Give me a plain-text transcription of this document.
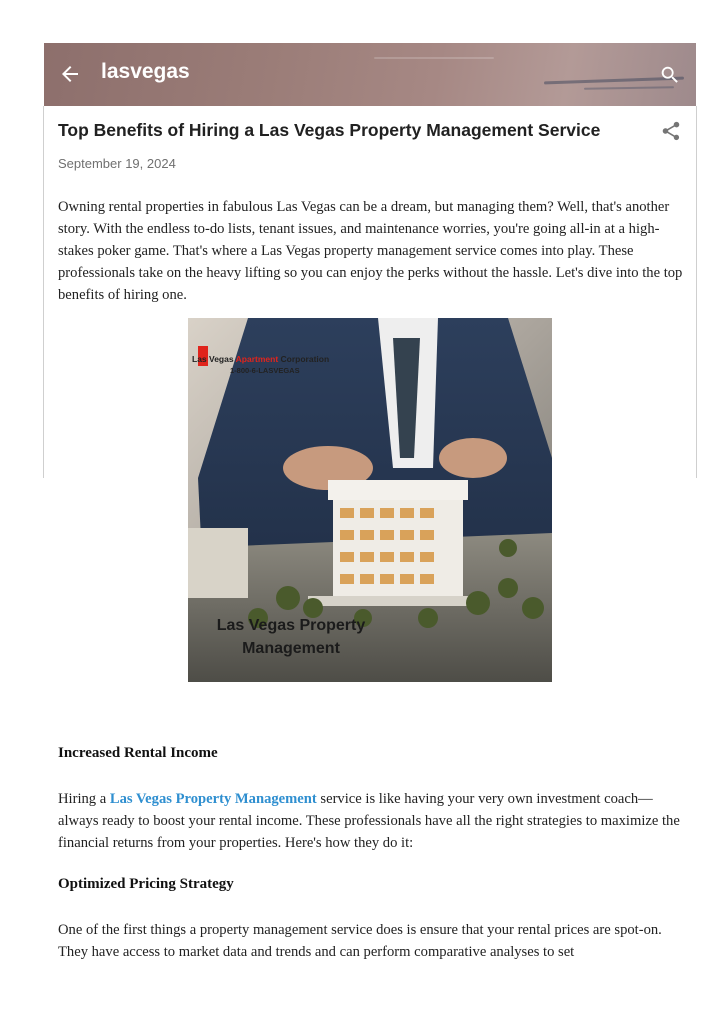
lasvegas
Top Benefits of Hiring a Las Vegas Property Management Service
September 19, 2024

Owning rental properties in fabulous Las Vegas can be a dream, but managing them? Well, that's another story. With the endless to-do lists, tenant issues, and maintenance worries, you're going all-in at a high-stakes poker game. That's where a Las Vegas property management service comes into play. These professionals take on the heavy lifting so you can enjoy the perks without the hassle. Let's dive into the top benefits of hiring one.

Las Vegas Apartment Corporation
1-800-6-LASVEGAS
Las Vegas Property
Management
Increased Rental Income

Hiring a Las Vegas Property Management service is like having your very own investment coach—always ready to boost your rental income. These professionals have all the right strategies to maximize the financial returns from your properties. Here's how they do it:

Optimized Pricing Strategy

One of the first things a property management service does is ensure that your rental prices are spot-on. They have access to market data and trends and can perform comparative analyses to set
